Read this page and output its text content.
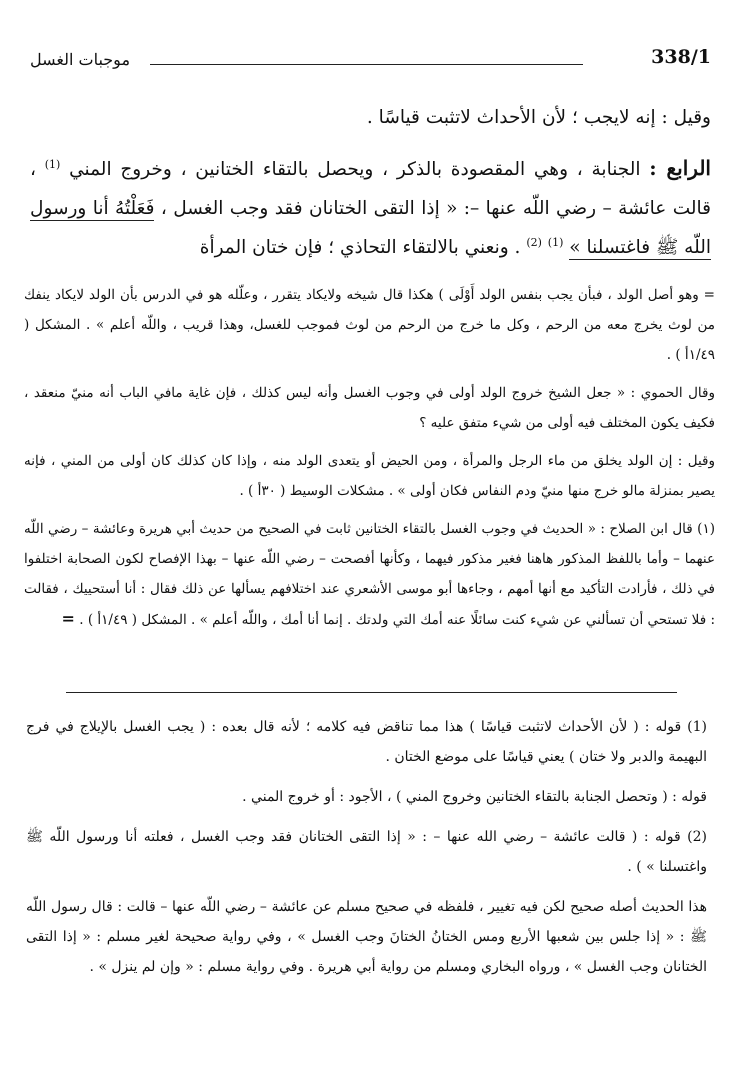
338/1
موجبات الغسل

وقيل : إنه لايجب ؛ لأن الأحداث لاتثبت قياسًا .

الرابع : الجنابة ، وهي المقصودة بالذكر ، ويحصل بالتقاء الختانين ، وخروج المني $^{(1)}$ ، قالت عائشة – رضي اللّه عنها –: « إذا التقى الختانان فقد وجب الغسل ، فَعَلْتُهُ أنا ورسول اللّه ﷺ فاغتسلنا » $^{(1)}$ $^{(2)}$ . ونعني بالالتقاء التحاذي ؛ فإن ختان المرأة

= وهو أصل الولد ، فبأن يجب بنفس الولد أَوْلَى ) هكذا قال شيخه ولايكاد يتقرر ، وعلّله هو في الدرس بأن الولد لايكاد ينفك من لوث يخرج معه من الرحم ، وكل ما خرج من الرحم من لوث فموجب للغسل، وهذا قريب ، واللّه أعلم » . المشكل ( ١/٤٩أ ) .

وقال الحموي : « جعل الشيخ خروج الولد أولى في وجوب الغسل وأنه ليس كذلك ، فإن غاية مافي الباب أنه منيّ منعقد ، فكيف يكون المختلف فيه أولى من شيء متفق عليه ؟

وقيل : إن الولد يخلق من ماء الرجل والمرأة ، ومن الحيض أو يتعدى الولد منه ، وإذا كان كذلك كان أولى من المني ، فإنه يصير بمنزلة مالو خرج منها منيّ ودم النفاس فكان أولى » . مشكلات الوسيط ( ٣٠أ ) .

(١) قال ابن الصلاح : « الحديث في وجوب الغسل بالتقاء الختانين ثابت في الصحيح من حديث أبي هريرة وعائشة – رضي اللّه عنهما – وأما باللفظ المذكور هاهنا فغير مذكور فيهما ، وكأنها أفصحت – رضي اللّه عنها – بهذا الإفصاح لكون الصحابة اختلفوا في ذلك ، فأرادت التأكيد مع أنها أمهم ، وجاءها أبو موسى الأشعري عند اختلافهم يسألها عن ذلك فقال : أنا أستحييك ، فقالت : فلا تستحي أن تسألني عن شيء كنت سائلًا عنه أمك التي ولدتك . إنما أنا أمك ، واللّه أعلم » . المشكل ( ١/٤٩أ ) . =

(1) قوله : ( لأن الأحداث لاتثبت قياسًا ) هذا مما تناقض فيه كلامه ؛ لأنه قال بعده : ( يجب الغسل بالإيلاج في فرج البهيمة والدبر ولا ختان ) يعني قياسًا على موضع الختان .

قوله : ( وتحصل الجنابة بالتقاء الختانين وخروج المني ) ، الأجود : أو خروج المني .

(2) قوله : ( قالت عائشة – رضي الله عنها – : « إذا التقى الختانان فقد وجب الغسل ، فعلته أنا ورسول اللّه ﷺ واغتسلنا » ) .

هذا الحديث أصله صحيح لكن فيه تغيير ، فلفظه في صحيح مسلم عن عائشة – رضي اللّه عنها – قالت : قال رسول اللّه ﷺ : « إذا جلس بين شعبها الأربع ومس الختانُ الختانَ وجب الغسل » ، وفي رواية صحيحة لغير مسلم : « إذا التقى الختانان وجب الغسل » ، ورواه البخاري ومسلم من رواية أبي هريرة . وفي رواية مسلم : « وإن لم ينزل » .
